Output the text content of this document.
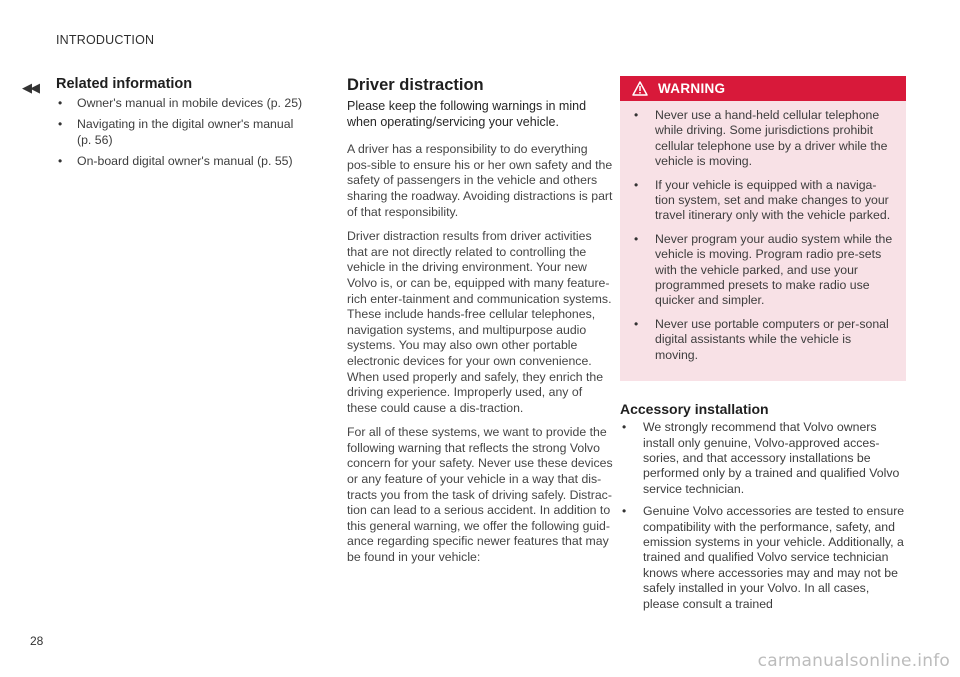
INTRODUCTION
◀◀ Related information
• Owner's manual in mobile devices (p. 25)
• Navigating in the digital owner's manual (p. 56)
• On-board digital owner's manual (p. 55)
Driver distraction

Please keep the following warnings in mind when operating/servicing your vehicle.

A driver has a responsibility to do everything pos-sible to ensure his or her own safety and the safety of passengers in the vehicle and others sharing the roadway. Avoiding distractions is part of that responsibility.

Driver distraction results from driver activities that are not directly related to controlling the vehicle in the driving environment. Your new Volvo is, or can be, equipped with many feature-rich enter-tainment and communication systems. These include hands-free cellular telephones, navigation systems, and multipurpose audio systems. You may also own other portable electronic devices for your own convenience. When used properly and safely, they enrich the driving experience. Improperly used, any of these could cause a dis-traction.

For all of these systems, we want to provide the following warning that reflects the strong Volvo concern for your safety. Never use these devices or any feature of your vehicle in a way that dis-tracts you from the task of driving safely. Distrac-tion can lead to a serious accident. In addition to this general warning, we offer the following guid-ance regarding specific newer features that may be found in your vehicle:

WARNING
• Never use a hand-held cellular telephone while driving. Some jurisdictions prohibit cellular telephone use by a driver while the vehicle is moving.
• If your vehicle is equipped with a naviga-tion system, set and make changes to your travel itinerary only with the vehicle parked.
• Never program your audio system while the vehicle is moving. Program radio pre-sets with the vehicle parked, and use your programmed presets to make radio use quicker and simpler.
• Never use portable computers or per-sonal digital assistants while the vehicle is moving.
Accessory installation
• We strongly recommend that Volvo owners install only genuine, Volvo-approved acces-sories, and that accessory installations be performed only by a trained and qualified Volvo service technician.
• Genuine Volvo accessories are tested to ensure compatibility with the performance, safety, and emission systems in your vehicle. Additionally, a trained and qualified Volvo service technician knows where accessories may and may not be safely installed in your Volvo. In all cases, please consult a trained
28
carmanualsonline.info
